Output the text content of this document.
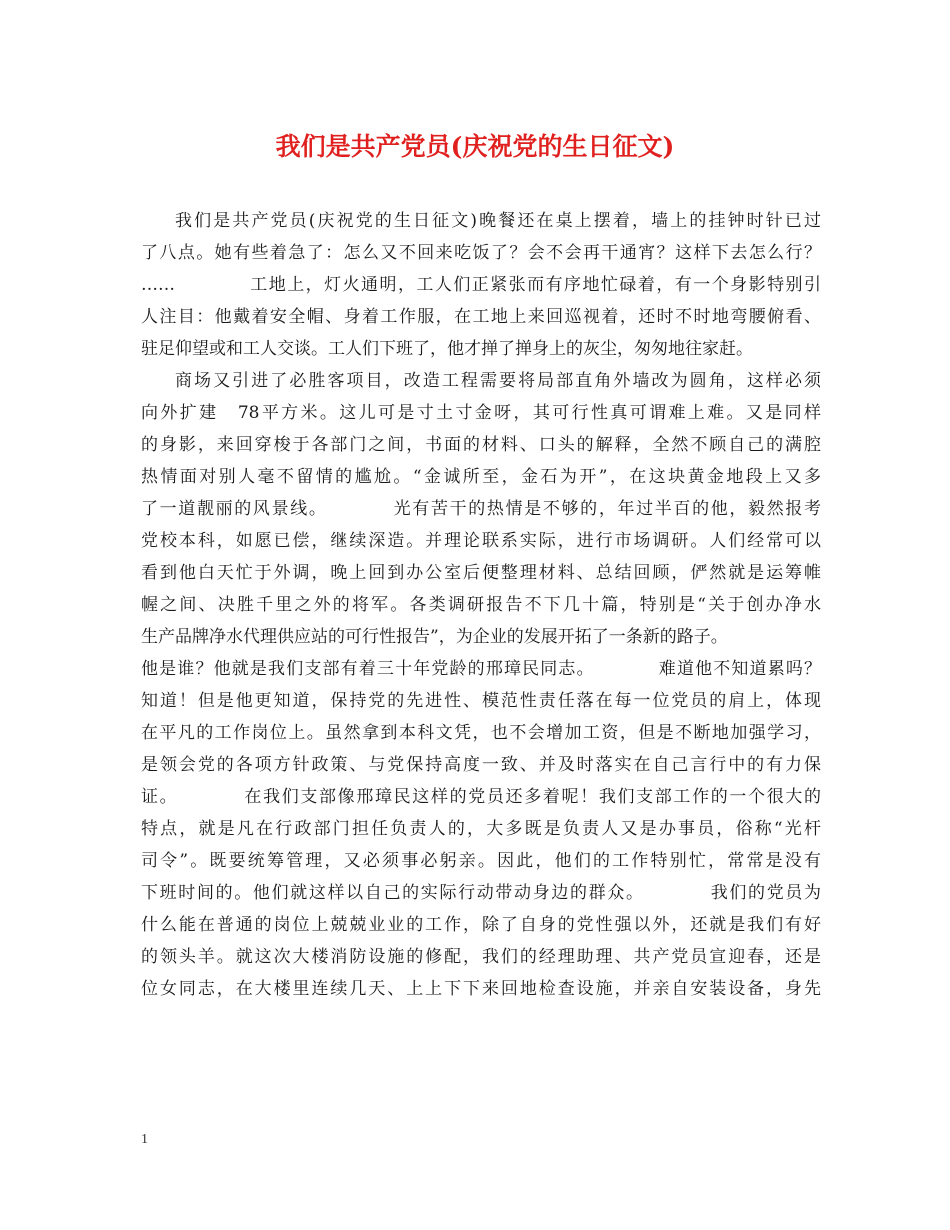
我们是共产党员(庆祝党的生日征文)
我们是共产党员(庆祝党的生日征文)晚餐还在桌上摆着，墙上的挂钟时针已过
了八点。她有些着急了：怎么又不回来吃饭了？会不会再干通宵？这样下去怎么行？
……　　　　工地上，灯火通明，工人们正紧张而有序地忙碌着，有一个身影特别引
人注目：他戴着安全帽、身着工作服，在工地上来回巡视着，还时不时地弯腰俯看、
驻足仰望或和工人交谈。工人们下班了，他才掸了掸身上的灰尘，匆匆地往家赶。
商场又引进了必胜客项目，改造工程需要将局部直角外墙改为圆角，这样必须
向外扩建　78平方米。这儿可是寸土寸金呀，其可行性真可谓难上难。又是同样
的身影，来回穿梭于各部门之间，书面的材料、口头的解释，全然不顾自己的满腔
热情面对别人毫不留情的尴尬。“金诚所至，金石为开”，在这块黄金地段上又多
了一道靓丽的风景线。　　　　光有苦干的热情是不够的，年过半百的他，毅然报考
党校本科，如愿已偿，继续深造。并理论联系实际，进行市场调研。人们经常可以
看到他白天忙于外调，晚上回到办公室后便整理材料、总结回顾，俨然就是运筹帷
幄之间、决胜千里之外的将军。各类调研报告不下几十篇，特别是“关于创办净水
生产品牌净水代理供应站的可行性报告”，为企业的发展开拓了一条新的路子。
他是谁？他就是我们支部有着三十年党龄的邢璋民同志。　　　　难道他不知道累吗？
知道！但是他更知道，保持党的先进性、模范性责任落在每一位党员的肩上，体现
在平凡的工作岗位上。虽然拿到本科文凭，也不会增加工资，但是不断地加强学习，
是领会党的各项方针政策、与党保持高度一致、并及时落实在自己言行中的有力保
证。　　　　在我们支部像邢璋民这样的党员还多着呢！我们支部工作的一个很大的
特点，就是凡在行政部门担任负责人的，大多既是负责人又是办事员，俗称“光杆
司令”。既要统筹管理，又必须事必躬亲。因此，他们的工作特别忙，常常是没有
下班时间的。他们就这样以自己的实际行动带动身边的群众。　　　　我们的党员为
什么能在普通的岗位上兢兢业业的工作，除了自身的党性强以外，还就是我们有好
的领头羊。就这次大楼消防设施的修配，我们的经理助理、共产党员宣迎春，还是
位女同志，在大楼里连续几天、上上下下来回地检查设施，并亲自安装设备，身先
1
